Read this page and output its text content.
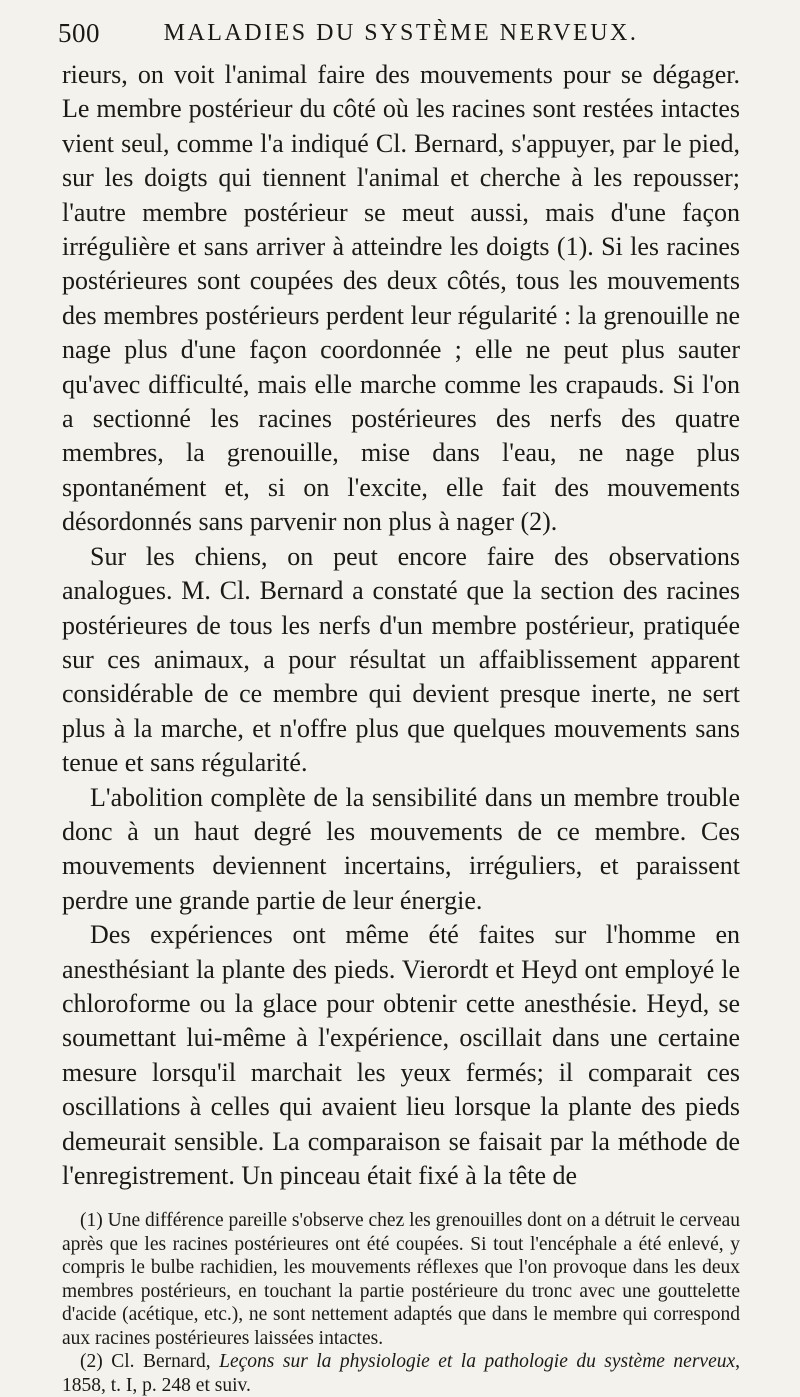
500	MALADIES DU SYSTÈME NERVEUX.

rieurs, on voit l'animal faire des mouvements pour se dégager. Le membre postérieur du côté où les racines sont restées intactes vient seul, comme l'a indiqué Cl. Bernard, s'appuyer, par le pied, sur les doigts qui tiennent l'animal et cherche à les repousser; l'autre membre postérieur se meut aussi, mais d'une façon irrégulière et sans arriver à atteindre les doigts (1). Si les racines postérieures sont coupées des deux côtés, tous les mouvements des membres postérieurs perdent leur régularité : la grenouille ne nage plus d'une façon coordonnée ; elle ne peut plus sauter qu'avec difficulté, mais elle marche comme les crapauds. Si l'on a sectionné les racines postérieures des nerfs des quatre membres, la grenouille, mise dans l'eau, ne nage plus spontanément et, si on l'excite, elle fait des mouvements désordonnés sans parvenir non plus à nager (2).

Sur les chiens, on peut encore faire des observations analogues. M. Cl. Bernard a constaté que la section des racines postérieures de tous les nerfs d'un membre postérieur, pratiquée sur ces animaux, a pour résultat un affaiblissement apparent considérable de ce membre qui devient presque inerte, ne sert plus à la marche, et n'offre plus que quelques mouvements sans tenue et sans régularité.

L'abolition complète de la sensibilité dans un membre trouble donc à un haut degré les mouvements de ce membre. Ces mouvements deviennent incertains, irréguliers, et paraissent perdre une grande partie de leur énergie.

Des expériences ont même été faites sur l'homme en anesthésiant la plante des pieds. Vierordt et Heyd ont employé le chloroforme ou la glace pour obtenir cette anesthésie. Heyd, se soumettant lui-même à l'expérience, oscillait dans une certaine mesure lorsqu'il marchait les yeux fermés; il comparait ces oscillations à celles qui avaient lieu lorsque la plante des pieds demeurait sensible. La comparaison se faisait par la méthode de l'enregistrement. Un pinceau était fixé à la tête de

(1) Une différence pareille s'observe chez les grenouilles dont on a détruit le cerveau après que les racines postérieures ont été coupées. Si tout l'encéphale a été enlevé, y compris le bulbe rachidien, les mouvements réflexes que l'on provoque dans les deux membres postérieurs, en touchant la partie postérieure du tronc avec une gouttelette d'acide (acétique, etc.), ne sont nettement adaptés que dans le membre qui correspond aux racines postérieures laissées intactes.

(2) Cl. Bernard, Leçons sur la physiologie et la pathologie du système nerveux, 1858, t. I, p. 248 et suiv.
